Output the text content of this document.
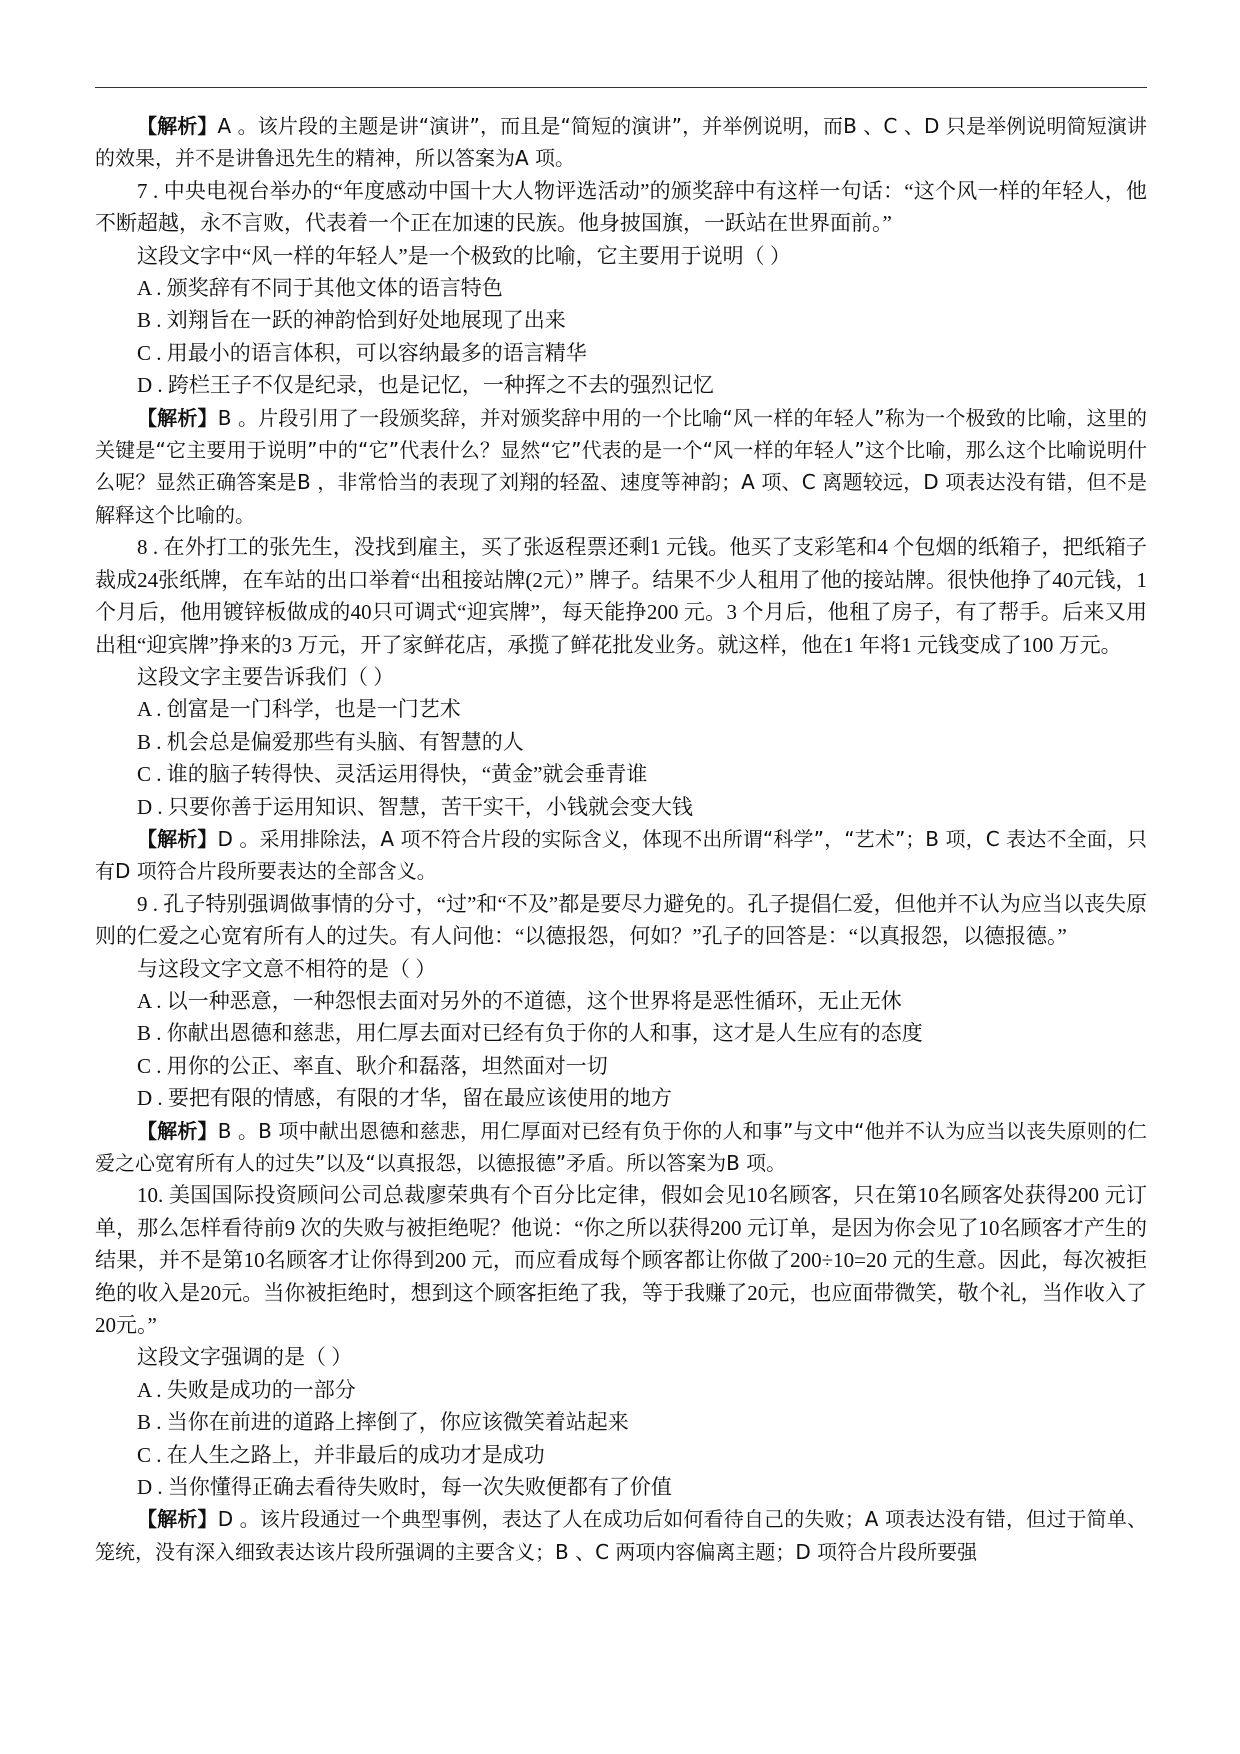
【解析】A 。该片段的主题是讲“演讲”，而且是“简短的演讲”，并举例说明，而B 、C 、D 只是举例说明简短演讲的效果，并不是讲鲁迅先生的精神，所以答案为A 项。

7 . 中央电视台举办的“年度感动中国十大人物评选活动”的颁奖辞中有这样一句话：“这个风一样的年轻人，他不断超越，永不言败，代表着一个正在加速的民族。他身披国旗，一跃站在世界面前。”

这段文字中“风一样的年轻人”是一个极致的比喻，它主要用于说明（ ）

A . 颁奖辞有不同于其他文体的语言特色

B . 刘翔旨在一跃的神韵恰到好处地展现了出来

C . 用最小的语言体积，可以容纳最多的语言精华

D . 跨栏王子不仅是纪录，也是记忆，一种挥之不去的强烈记忆

【解析】B 。片段引用了一段颁奖辞，并对颁奖辞中用的一个比喻“风一样的年轻人”称为一个极致的比喻，这里的关键是“它主要用于说明”中的“它”代表什么？显然“它”代表的是一个“风一样的年轻人”这个比喻，那么这个比喻说明什么呢？显然正确答案是B ，非常恰当的表现了刘翔的轻盈、速度等神韵；A 项、C 离题较远，D 项表达没有错，但不是解释这个比喻的。

8 . 在外打工的张先生，没找到雇主，买了张返程票还剩1 元钱。他买了支彩笔和4 个包烟的纸箱子，把纸箱子裁成24张纸牌，在车站的出口举着“出租接站牌(2元）” 牌子。结果不少人租用了他的接站牌。很快他挣了40元钱，1 个月后，他用镀锌板做成的40只可调式“迎宾牌”，每天能挣200 元。3 个月后，他租了房子，有了帮手。后来又用出租“迎宾牌”挣来的3 万元，开了家鲜花店，承揽了鲜花批发业务。就这样，他在1 年将1 元钱变成了100 万元。

这段文字主要告诉我们（ ）

A . 创富是一门科学，也是一门艺术

B . 机会总是偏爱那些有头脑、有智慧的人

C . 谁的脑子转得快、灵活运用得快，“黄金”就会垂青谁

D . 只要你善于运用知识、智慧，苦干实干，小钱就会变大钱

【解析】D 。采用排除法，A 项不符合片段的实际含义，体现不出所谓“科学”，“艺术”；B 项，C 表达不全面，只有D 项符合片段所要表达的全部含义。

9 . 孔子特别强调做事情的分寸，“过”和“不及”都是要尽力避免的。孔子提倡仁爱，但他并不认为应当以丧失原则的仁爱之心宽宥所有人的过失。有人问他：“以德报怨，何如？”孔子的回答是：“以真报怨，以德报德。”

与这段文字文意不相符的是（ ）

A . 以一种恶意，一种怨恨去面对另外的不道德，这个世界将是恶性循环，无止无休

B . 你献出恩德和慈悲，用仁厚去面对已经有负于你的人和事，这才是人生应有的态度

C . 用你的公正、率直、耿介和磊落，坦然面对一切

D . 要把有限的情感，有限的才华，留在最应该使用的地方

【解析】B 。B 项中献出恩德和慈悲，用仁厚面对已经有负于你的人和事”与文中“他并不认为应当以丧失原则的仁爱之心宽宥所有人的过失”以及“以真报怨，以德报德”矛盾。所以答案为B 项。

10. 美国国际投资顾问公司总裁廖荣典有个百分比定律，假如会见10名顾客，只在第10名顾客处获得200 元订单，那么怎样看待前9 次的失败与被拒绝呢？他说：“你之所以获得200 元订单，是因为你会见了10名顾客才产生的结果，并不是第10名顾客才让你得到200 元，而应看成每个顾客都让你做了200÷10=20 元的生意。因此，每次被拒绝的收入是20元。当你被拒绝时，想到这个顾客拒绝了我，等于我赚了20元，也应面带微笑，敬个礼，当作收入了20元。”

这段文字强调的是（ ）

A . 失败是成功的一部分

B . 当你在前进的道路上摔倒了，你应该微笑着站起来

C . 在人生之路上，并非最后的成功才是成功

D . 当你懂得正确去看待失败时，每一次失败便都有了价值

【解析】D 。该片段通过一个典型事例，表达了人在成功后如何看待自己的失败；A 项表达没有错，但过于简单、笼统，没有深入细致表达该片段所强调的主要含义；B 、C 两项内容偏离主题；D 项符合片段所要强
